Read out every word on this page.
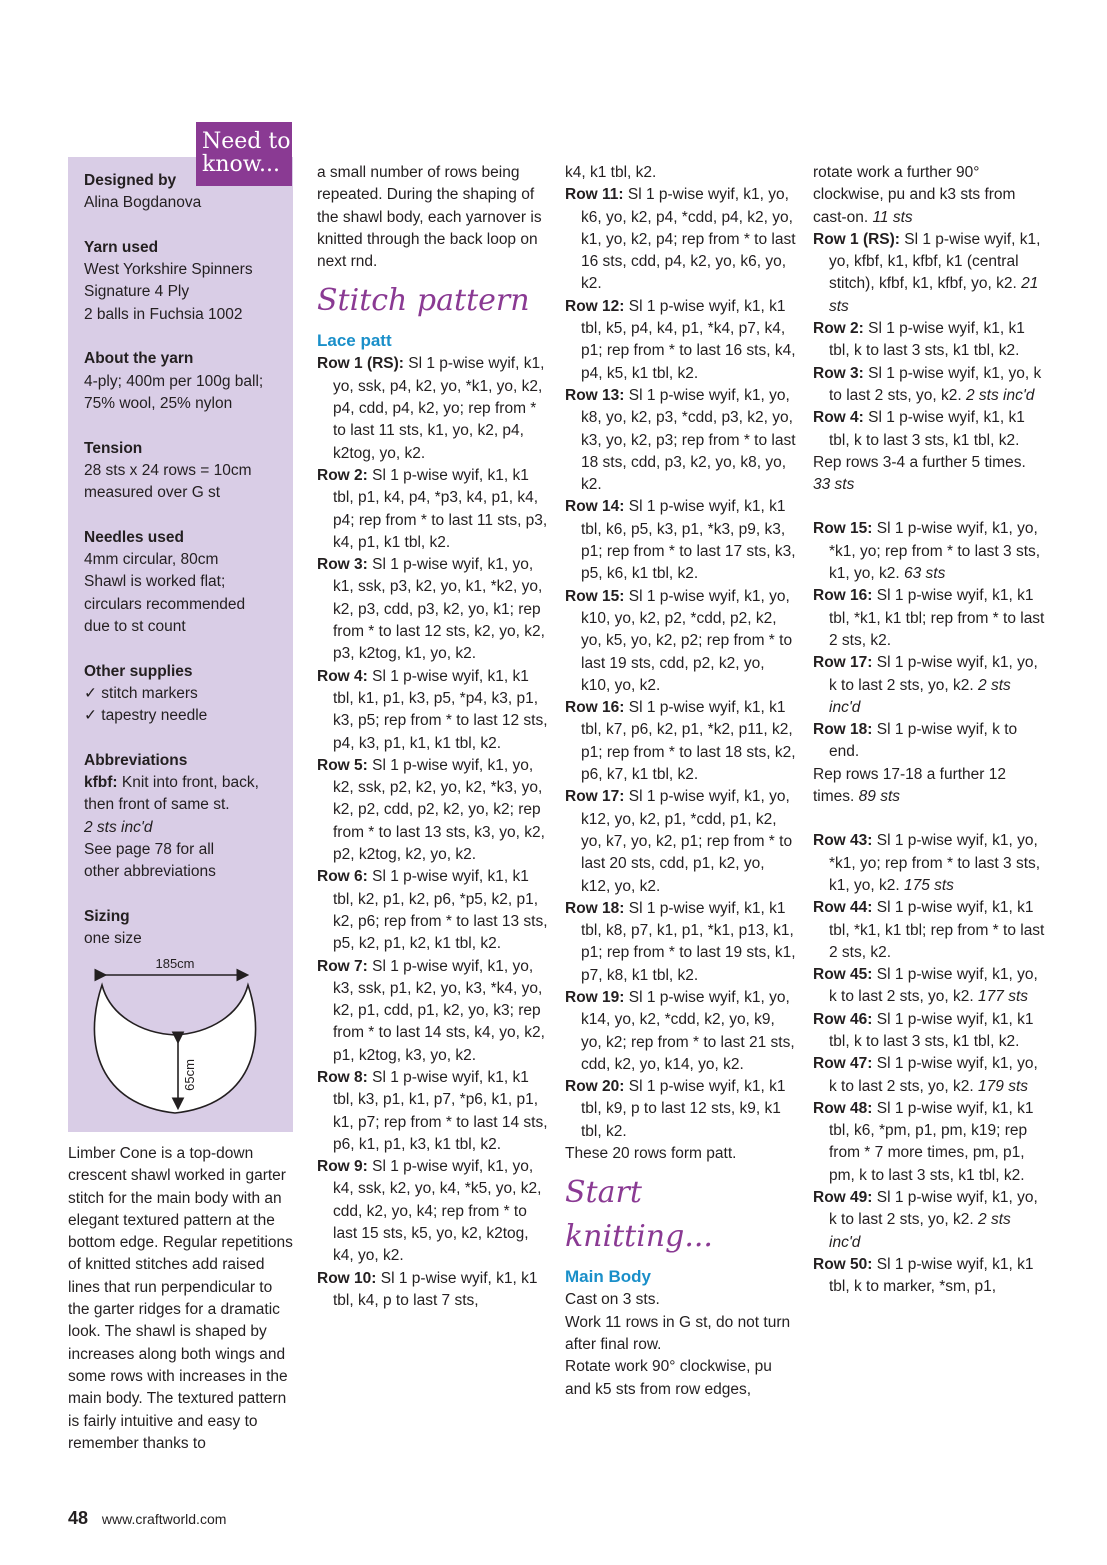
Need to
know...
Designed by
Alina Bogdanova
Yarn used
West Yorkshire Spinners
Signature 4 Ply
2 balls in Fuchsia 1002
About the yarn
4-ply; 400m per 100g ball;
75% wool, 25% nylon
Tension
28 sts x 24 rows = 10cm
measured over G st
Needles used
4mm circular, 80cm
Shawl is worked flat;
circulars recommended
due to st count
Other supplies
✓ stitch markers
✓ tapestry needle
Abbreviations
kfbf: Knit into front, back,
then front of same st.
2 sts inc'd
See page 78 for all
other abbreviations
Sizing
one size
185cm
65cm
Limber Cone is a top-down crescent shawl worked in garter stitch for the main body with an elegant textured pattern at the bottom edge. Regular repetitions of knitted stitches add raised lines that run perpendicular to the garter ridges for a dramatic look. The shawl is shaped by increases along both wings and some rows with increases in the main body. The textured pattern is fairly intuitive and easy to remember thanks to
a small number of rows being repeated. During the shaping of the shawl body, each yarnover is knitted through the back loop on next rnd.
Stitch pattern
Lace patt
Row 1 (RS): Sl 1 p-wise wyif, k1, yo, ssk, p4, k2, yo, *k1, yo, k2, p4, cdd, p4, k2, yo; rep from * to last 11 sts, k1, yo, k2, p4, k2tog, yo, k2.
Row 2: Sl 1 p-wise wyif, k1, k1 tbl, p1, k4, p4, *p3, k4, p1, k4, p4; rep from * to last 11 sts, p3, k4, p1, k1 tbl, k2.
Row 3: Sl 1 p-wise wyif, k1, yo, k1, ssk, p3, k2, yo, k1, *k2, yo, k2, p3, cdd, p3, k2, yo, k1; rep from * to last 12 sts, k2, yo, k2, p3, k2tog, k1, yo, k2.
Row 4: Sl 1 p-wise wyif, k1, k1 tbl, k1, p1, k3, p5, *p4, k3, p1, k3, p5; rep from * to last 12 sts, p4, k3, p1, k1, k1 tbl, k2.
Row 5: Sl 1 p-wise wyif, k1, yo, k2, ssk, p2, k2, yo, k2, *k3, yo, k2, p2, cdd, p2, k2, yo, k2; rep from * to last 13 sts, k3, yo, k2, p2, k2tog, k2, yo, k2.
Row 6: Sl 1 p-wise wyif, k1, k1 tbl, k2, p1, k2, p6, *p5, k2, p1, k2, p6; rep from * to last 13 sts, p5, k2, p1, k2, k1 tbl, k2.
Row 7: Sl 1 p-wise wyif, k1, yo, k3, ssk, p1, k2, yo, k3, *k4, yo, k2, p1, cdd, p1, k2, yo, k3; rep from * to last 14 sts, k4, yo, k2, p1, k2tog, k3, yo, k2.
Row 8: Sl 1 p-wise wyif, k1, k1 tbl, k3, p1, k1, p7, *p6, k1, p1, k1, p7; rep from * to last 14 sts, p6, k1, p1, k3, k1 tbl, k2.
Row 9: Sl 1 p-wise wyif, k1, yo, k4, ssk, k2, yo, k4, *k5, yo, k2, cdd, k2, yo, k4; rep from * to last 15 sts, k5, yo, k2, k2tog, k4, yo, k2.
Row 10: Sl 1 p-wise wyif, k1, k1 tbl, k4, p to last 7 sts,
k4, k1 tbl, k2.
Row 11: Sl 1 p-wise wyif, k1, yo, k6, yo, k2, p4, *cdd, p4, k2, yo, k1, yo, k2, p4; rep from * to last 16 sts, cdd, p4, k2, yo, k6, yo, k2.
Row 12: Sl 1 p-wise wyif, k1, k1 tbl, k5, p4, k4, p1, *k4, p7, k4, p1; rep from * to last 16 sts, k4, p4, k5, k1 tbl, k2.
Row 13: Sl 1 p-wise wyif, k1, yo, k8, yo, k2, p3, *cdd, p3, k2, yo, k3, yo, k2, p3; rep from * to last 18 sts, cdd, p3, k2, yo, k8, yo, k2.
Row 14: Sl 1 p-wise wyif, k1, k1 tbl, k6, p5, k3, p1, *k3, p9, k3, p1; rep from * to last 17 sts, k3, p5, k6, k1 tbl, k2.
Row 15: Sl 1 p-wise wyif, k1, yo, k10, yo, k2, p2, *cdd, p2, k2, yo, k5, yo, k2, p2; rep from * to last 19 sts, cdd, p2, k2, yo, k10, yo, k2.
Row 16: Sl 1 p-wise wyif, k1, k1 tbl, k7, p6, k2, p1, *k2, p11, k2, p1; rep from * to last 18 sts, k2, p6, k7, k1 tbl, k2.
Row 17: Sl 1 p-wise wyif, k1, yo, k12, yo, k2, p1, *cdd, p1, k2, yo, k7, yo, k2, p1; rep from * to last 20 sts, cdd, p1, k2, yo, k12, yo, k2.
Row 18: Sl 1 p-wise wyif, k1, k1 tbl, k8, p7, k1, p1, *k1, p13, k1, p1; rep from * to last 19 sts, k1, p7, k8, k1 tbl, k2.
Row 19: Sl 1 p-wise wyif, k1, yo, k14, yo, k2, *cdd, k2, yo, k9, yo, k2; rep from * to last 21 sts, cdd, k2, yo, k14, yo, k2.
Row 20: Sl 1 p-wise wyif, k1, k1 tbl, k9, p to last 12 sts, k9, k1 tbl, k2.
These 20 rows form patt.
Start knitting...
Main Body
Cast on 3 sts.
Work 11 rows in G st, do not turn after final row.
Rotate work 90° clockwise, pu and k5 sts from row edges,
rotate work a further 90° clockwise, pu and k3 sts from cast-on. 11 sts
Row 1 (RS): Sl 1 p-wise wyif, k1, yo, kfbf, k1, kfbf, k1 (central stitch), kfbf, k1, kfbf, yo, k2. 21 sts
Row 2: Sl 1 p-wise wyif, k1, k1 tbl, k to last 3 sts, k1 tbl, k2.
Row 3: Sl 1 p-wise wyif, k1, yo, k to last 2 sts, yo, k2. 2 sts inc'd
Row 4: Sl 1 p-wise wyif, k1, k1 tbl, k to last 3 sts, k1 tbl, k2.
Rep rows 3-4 a further 5 times. 33 sts
Row 15: Sl 1 p-wise wyif, k1, yo, *k1, yo; rep from * to last 3 sts, k1, yo, k2. 63 sts
Row 16: Sl 1 p-wise wyif, k1, k1 tbl, *k1, k1 tbl; rep from * to last 2 sts, k2.
Row 17: Sl 1 p-wise wyif, k1, yo, k to last 2 sts, yo, k2. 2 sts inc'd
Row 18: Sl 1 p-wise wyif, k to end.
Rep rows 17-18 a further 12 times. 89 sts
Row 43: Sl 1 p-wise wyif, k1, yo, *k1, yo; rep from * to last 3 sts, k1, yo, k2. 175 sts
Row 44: Sl 1 p-wise wyif, k1, k1 tbl, *k1, k1 tbl; rep from * to last 2 sts, k2.
Row 45: Sl 1 p-wise wyif, k1, yo, k to last 2 sts, yo, k2. 177 sts
Row 46: Sl 1 p-wise wyif, k1, k1 tbl, k to last 3 sts, k1 tbl, k2.
Row 47: Sl 1 p-wise wyif, k1, yo, k to last 2 sts, yo, k2. 179 sts
Row 48: Sl 1 p-wise wyif, k1, k1 tbl, k6, *pm, p1, pm, k19; rep from * 7 more times, pm, p1, pm, k to last 3 sts, k1 tbl, k2.
Row 49: Sl 1 p-wise wyif, k1, yo, k to last 2 sts, yo, k2. 2 sts inc'd
Row 50: Sl 1 p-wise wyif, k1, k1 tbl, k to marker, *sm, p1,
48 www.craftworld.com
